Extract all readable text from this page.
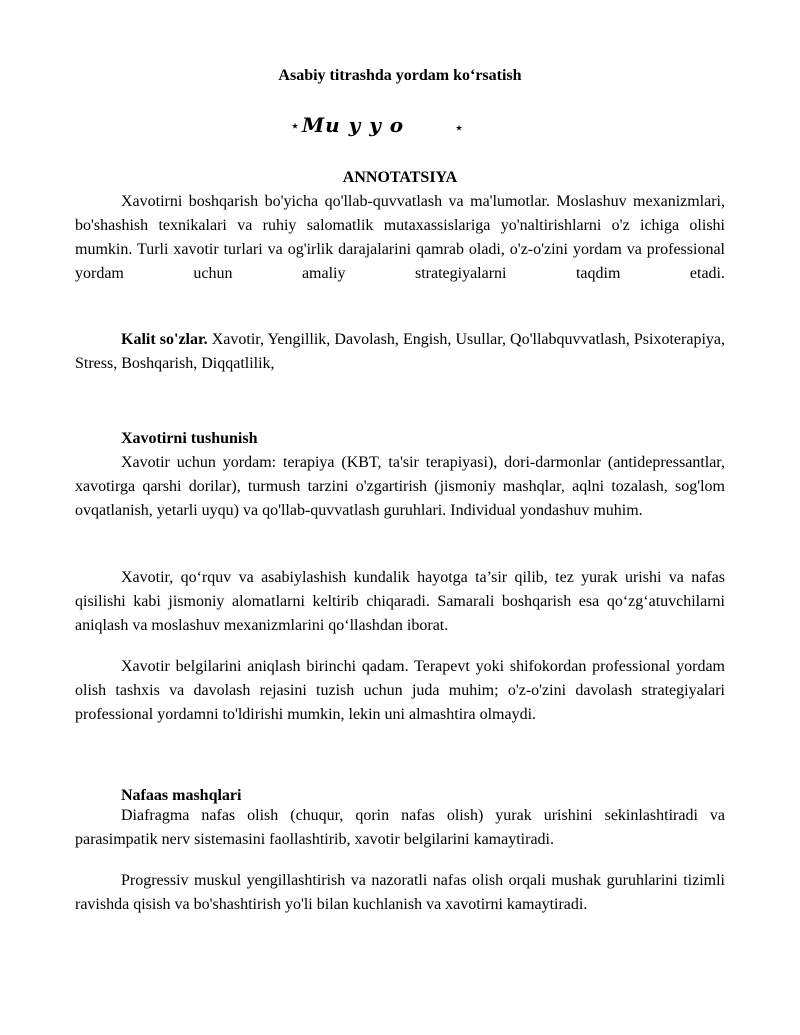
Asabiy titrashda yordam ko‘rsatish
⋆ Mu y y o	⋆
ANNOTATSIYA
Xavotirni boshqarish bo'yicha qo'llab-quvvatlash va ma'lumotlar. Moslashuv mexanizmlari, bo'shashish texnikalari va ruhiy salomatlik mutaxassislariga yo'naltirishlarni o'z ichiga olishi mumkin. Turli xavotir turlari va og'irlik darajalarini qamrab oladi, o'z-o'zini yordam va professional yordam uchun amaliy strategiyalarni taqdim etadi.
Kalit so'zlar. Xavotir, Yengillik, Davolash, Engish, Usullar, Qo'llabquvvatlash, Psixoterapiya, Stress, Boshqarish, Diqqatlilik,
Xavotirni tushunish
Xavotir uchun yordam: terapiya (KBT, ta'sir terapiyasi), dori-darmonlar (antidepressantlar, xavotirga qarshi dorilar), turmush tarzini o'zgartirish (jismoniy mashqlar, aqlni tozalash, sog'lom ovqatlanish, yetarli uyqu) va qo'llab-quvvatlash guruhlari. Individual yondashuv muhim.
Xavotir, qo‘rquv va asabiylashish kundalik hayotga ta’sir qilib, tez yurak urishi va nafas qisilishi kabi jismoniy alomatlarni keltirib chiqaradi. Samarali boshqarish esa qo‘zg‘atuvchilarni aniqlash va moslashuv mexanizmlarini qo‘llashdan iborat.
Xavotir belgilarini aniqlash birinchi qadam. Terapevt yoki shifokordan professional yordam olish tashxis va davolash rejasini tuzish uchun juda muhim; o'z-o'zini davolash strategiyalari professional yordamni to'ldirishi mumkin, lekin uni almashtira olmaydi.
Nafaas mashqlari
Diafragma nafas olish (chuqur, qorin nafas olish) yurak urishini sekinlashtiradi va parasimpatik nerv sistemasini faollashtirib, xavotir belgilarini kamaytiradi.
Progressiv muskul yengillashtirish va nazoratli nafas olish orqali mushak guruhlarini tizimli ravishda qisish va bo'shashtirish yo'li bilan kuchlanish va xavotirni kamaytiradi.
